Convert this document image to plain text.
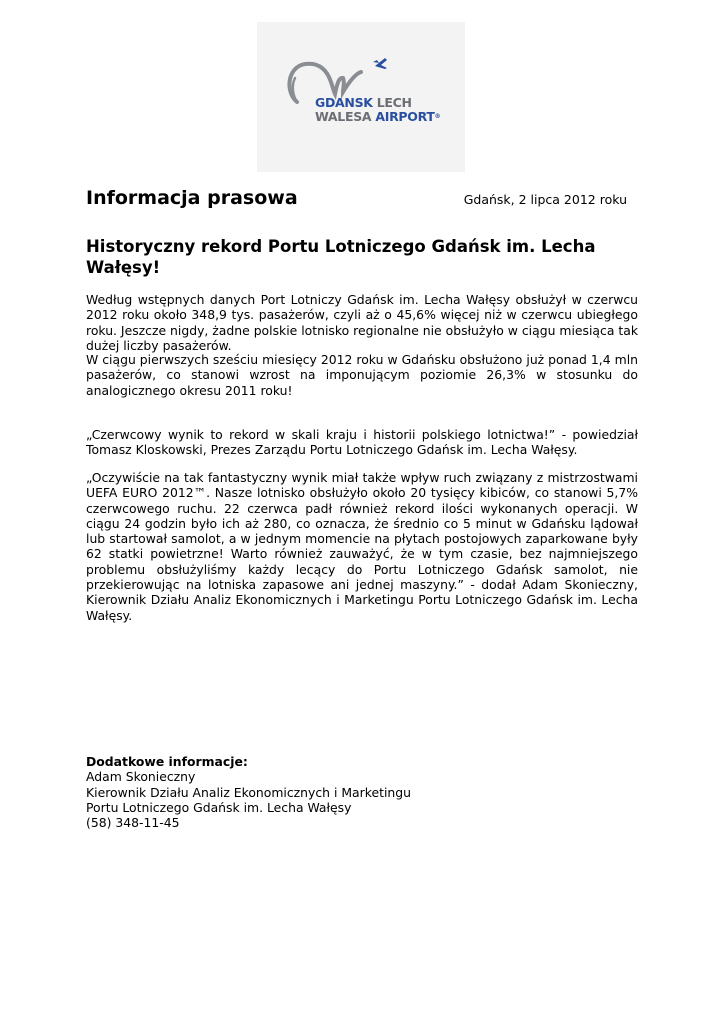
GDANSK LECH
WALESA AIRPORT®
Informacja prasowa	Gdańsk, 2 lipca 2012 roku
Historyczny rekord Portu Lotniczego Gdańsk im. Lecha Wałęsy!

Według wstępnych danych Port Lotniczy Gdańsk im. Lecha Wałęsy obsłużył w czerwcu 2012 roku około 348,9 tys. pasażerów, czyli aż o 45,6% więcej niż w czerwcu ubiegłego roku. Jeszcze nigdy, żadne polskie lotnisko regionalne nie obsłużyło w ciągu miesiąca tak dużej liczby pasażerów.

W ciągu pierwszych sześciu miesięcy 2012 roku w Gdańsku obsłużono już ponad 1,4 mln pasażerów, co stanowi wzrost na imponującym poziomie 26,3% w stosunku do analogicznego okresu 2011 roku!

„Czerwcowy wynik to rekord w skali kraju i historii polskiego lotnictwa!” - powiedział Tomasz Kloskowski, Prezes Zarządu Portu Lotniczego Gdańsk im. Lecha Wałęsy.

„Oczywiście na tak fantastyczny wynik miał także wpływ ruch związany z mistrzostwami UEFA EURO 2012™. Nasze lotnisko obsłużyło około 20 tysięcy kibiców, co stanowi 5,7% czerwcowego ruchu. 22 czerwca padł również rekord ilości wykonanych operacji. W ciągu 24 godzin było ich aż 280, co oznacza, że średnio co 5 minut w Gdańsku lądował lub startował samolot, a w jednym momencie na płytach postojowych zaparkowane były 62 statki powietrzne! Warto również zauważyć, że w tym czasie, bez najmniejszego problemu obsłużyliśmy każdy lecący do Portu Lotniczego Gdańsk samolot, nie przekierowując na lotniska zapasowe ani jednej maszyny.” - dodał Adam Skonieczny, Kierownik Działu Analiz Ekonomicznych i Marketingu Portu Lotniczego Gdańsk im. Lecha Wałęsy.

Dodatkowe informacje:
Adam Skonieczny
Kierownik Działu Analiz Ekonomicznych i Marketingu
Portu Lotniczego Gdańsk im. Lecha Wałęsy
(58) 348-11-45
